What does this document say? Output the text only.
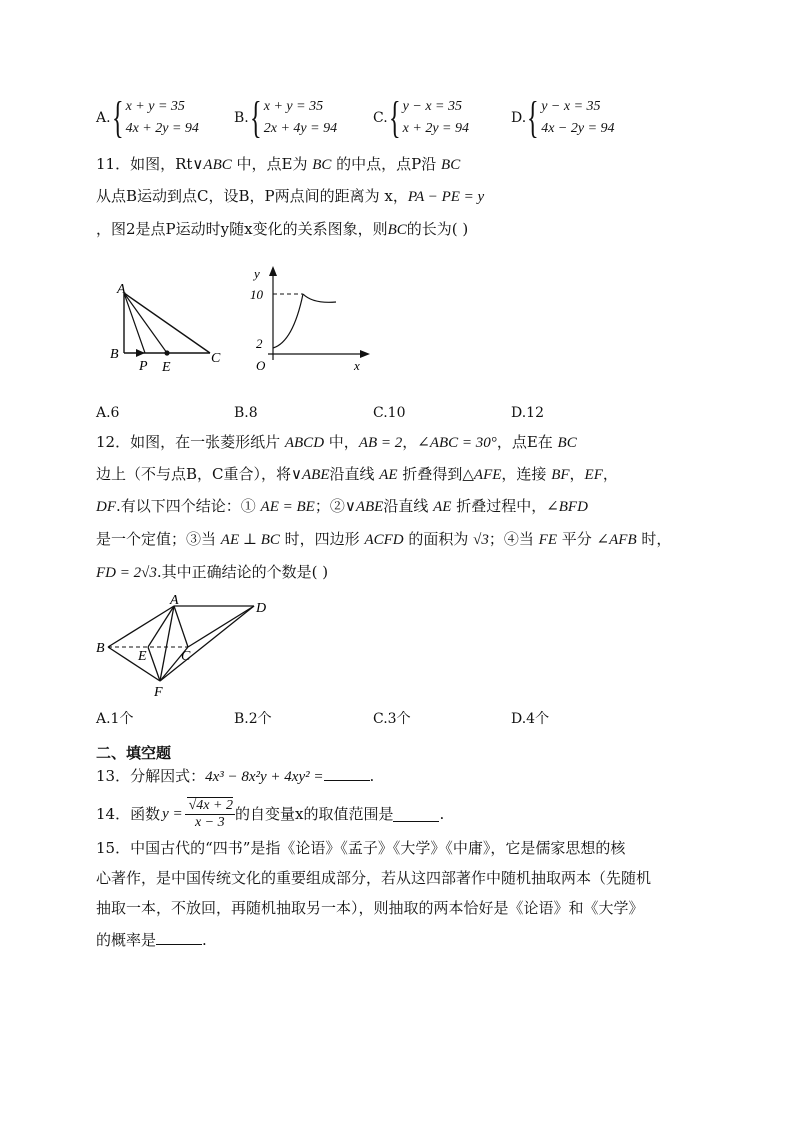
A. { x + y = 35
4x + 2y = 94
B. { x + y = 35
2x + 4y = 94
C. { y − x = 35
x + 2y = 94
D. { y − x = 35
4x − 2y = 94
11．如图，Rt∨ABC 中，点E为 BC 的中点，点P沿 BC
从点B运动到点C，设B，P两点间的距离为 x，PA − PE = y
，图2是点P运动时y随x变化的关系图象，则BC的长为( )
A
B
P E
C
y
x
O
10
2
A.6	B.8	C.10	D.12
12．如图，在一张菱形纸片 ABCD 中，AB = 2，∠ABC = 30°，点E在 BC
边上（不与点B，C重合），将∨ABE沿直线 AE 折叠得到△AFE，连接 BF，EF，
DF.有以下四个结论：① AE = BE；②∨ABE沿直线 AE 折叠过程中，∠BFD
是一个定值；③当 AE ⊥ BC 时，四边形 ACFD 的面积为 √3；④当 FE 平分 ∠AFB 时，
FD = 2√3.其中正确结论的个数是( )
A
D
B
E C
F
A.1个	B.2个	C.3个	D.4个
二、填空题
13．分解因式：4x³ − 8x²y + 4xy² =	.
14．函数 $y = \frac{√4x + 2}{x - 3}$ 的自变量x的取值范围是	.
15．中国古代的“四书”是指《论语》《孟子》《大学》《中庸》，它是儒家思想的核
心著作，是中国传统文化的重要组成部分，若从这四部著作中随机抽取两本（先随机
抽取一本，不放回，再随机抽取另一本），则抽取的两本恰好是《论语》和《大学》
的概率是	.
